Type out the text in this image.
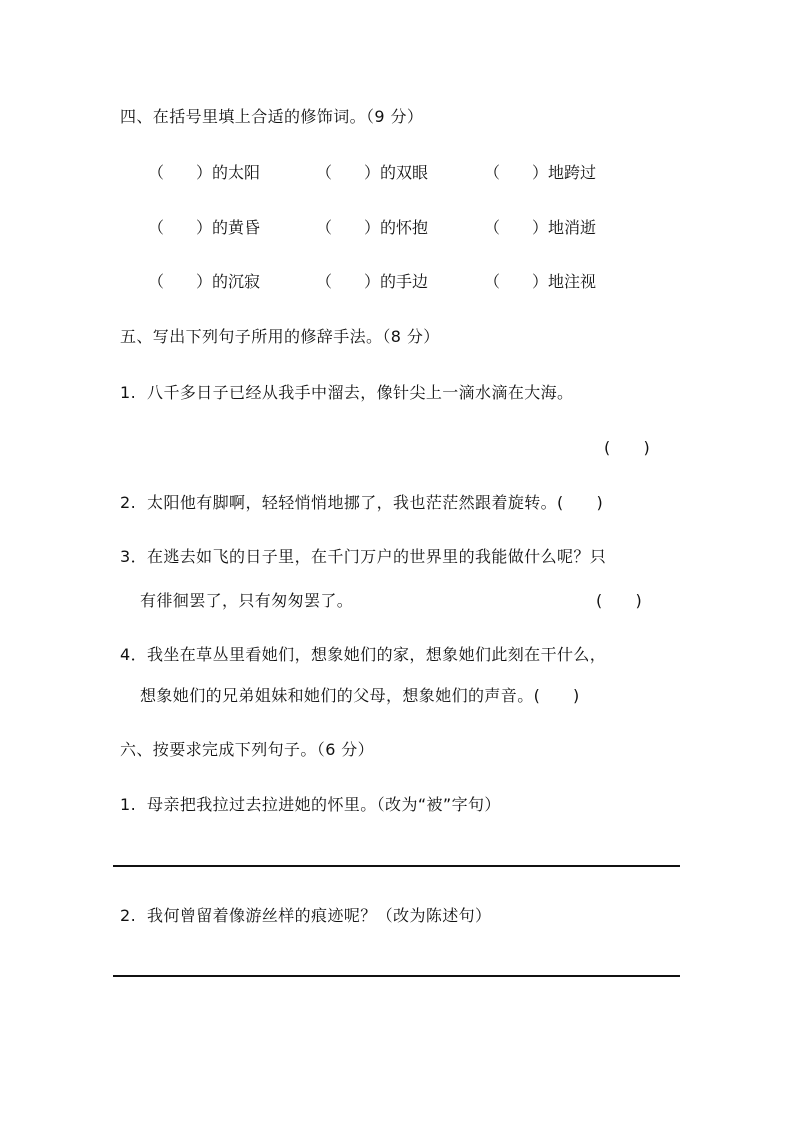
四、在括号里填上合适的修饰词。（9 分）
（　　）的太阳	（　　）的双眼	（　　）地跨过
（　　）的黄昏	（　　）的怀抱	（　　）地消逝
（　　）的沉寂	（　　）的手边	（　　）地注视
五、写出下列句子所用的修辞手法。（8 分）
1.  八千多日子已经从我手中溜去，像针尖上一滴水滴在大海。
(　　)
2.  太阳他有脚啊，轻轻悄悄地挪了，我也茫茫然跟着旋转。(　　)
3．在逃去如飞的日子里，在千门万户的世界里的我能做什么呢？只
有徘徊罢了，只有匆匆罢了。	(　　)
4．我坐在草丛里看她们，想象她们的家，想象她们此刻在干什么，
想象她们的兄弟姐妹和她们的父母，想象她们的声音。(　　)
六、按要求完成下列句子。（6 分）
1.  母亲把我拉过去拉进她的怀里。（改为“被”字句）
2.  我何曾留着像游丝样的痕迹呢？（改为陈述句）
